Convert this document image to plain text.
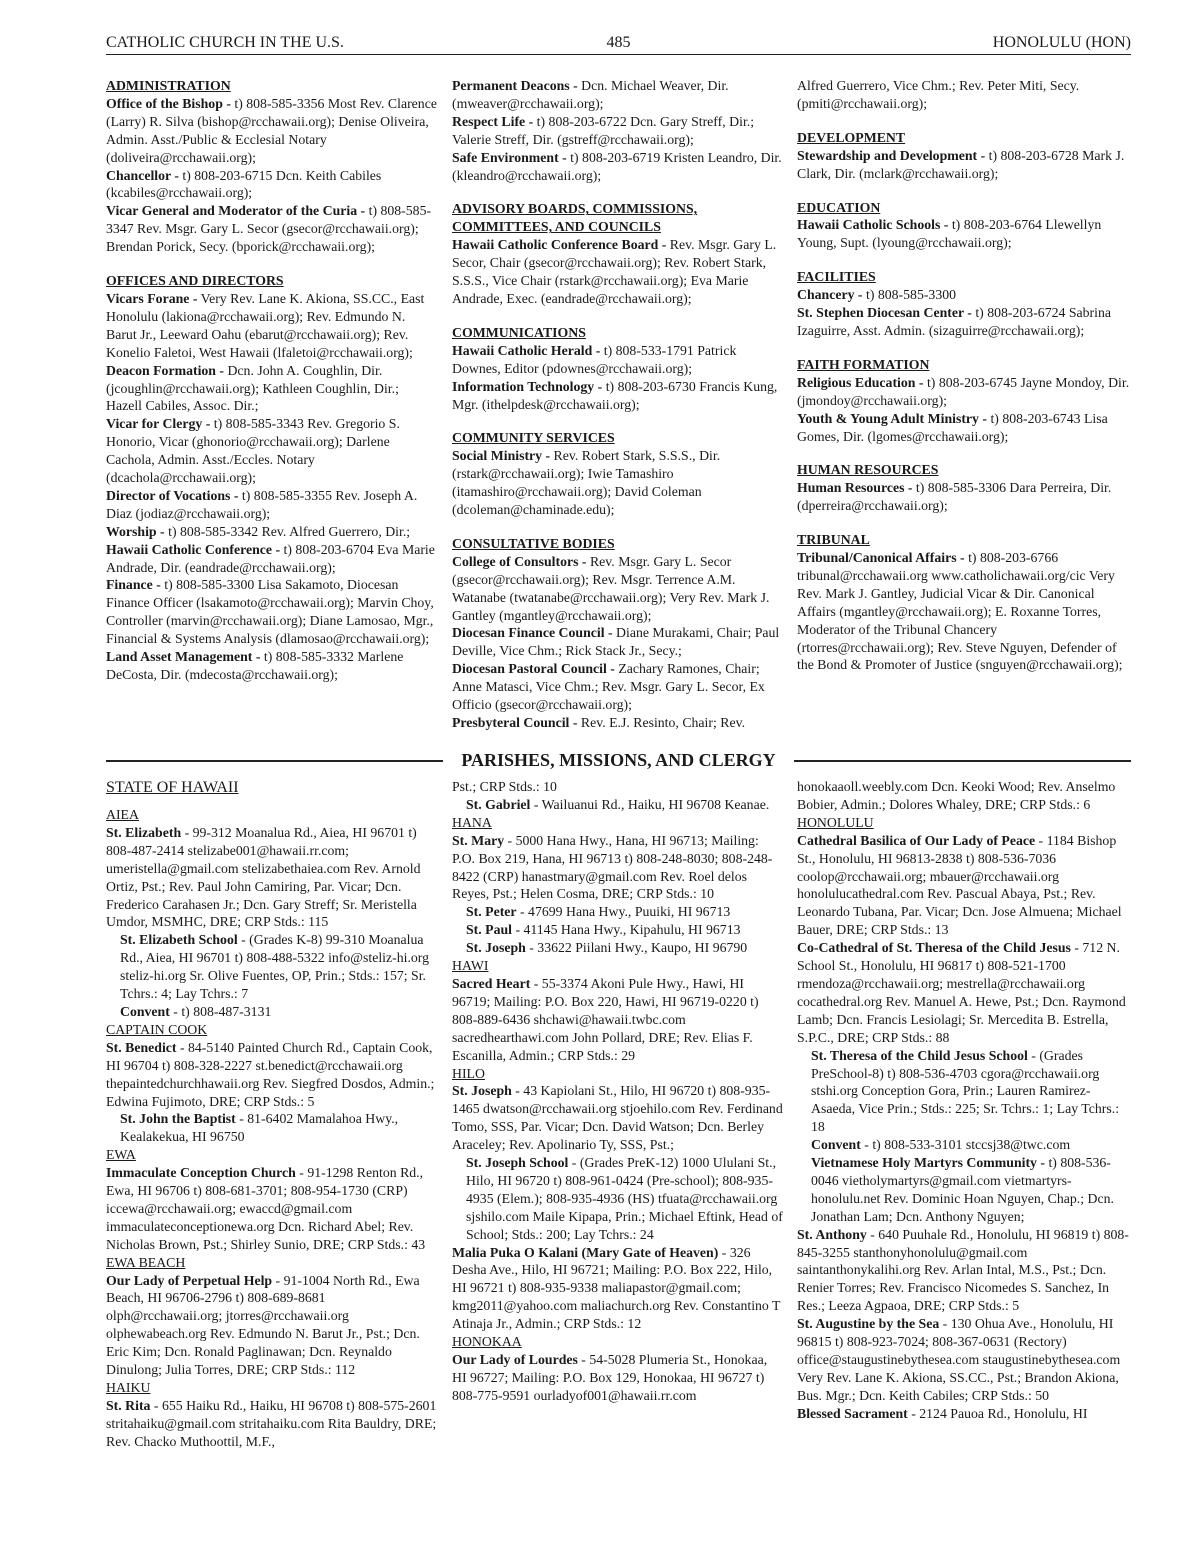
CATHOLIC CHURCH IN THE U.S.	485	HONOLULU (HON)
ADMINISTRATION
Office of the Bishop - t) 808-585-3356 Most Rev. Clarence (Larry) R. Silva (bishop@rcchawaii.org); Denise Oliveira, Admin. Asst./Public & Ecclesial Notary (doliveira@rcchawaii.org);
Chancellor - t) 808-203-6715 Dcn. Keith Cabiles (kcabiles@rcchawaii.org);
Vicar General and Moderator of the Curia - t) 808-585-3347 Rev. Msgr. Gary L. Secor (gsecor@rcchawaii.org); Brendan Porick, Secy. (bporick@rcchawaii.org);
OFFICES AND DIRECTORS
Vicars Forane - Very Rev. Lane K. Akiona, SS.CC., East Honolulu (lakiona@rcchawaii.org); Rev. Edmundo N. Barut Jr., Leeward Oahu (ebarut@rcchawaii.org); Rev. Konelio Faletoi, West Hawaii (lfaletoi@rcchawaii.org);
Deacon Formation - Dcn. John A. Coughlin, Dir. (jcoughlin@rcchawaii.org); Kathleen Coughlin, Dir.; Hazell Cabiles, Assoc. Dir.;
Vicar for Clergy - t) 808-585-3343 Rev. Gregorio S. Honorio, Vicar (ghonorio@rcchawaii.org); Darlene Cachola, Admin. Asst./Eccles. Notary (dcachola@rcchawaii.org);
Director of Vocations - t) 808-585-3355 Rev. Joseph A. Diaz (jodiaz@rcchawaii.org);
Worship - t) 808-585-3342 Rev. Alfred Guerrero, Dir.;
Hawaii Catholic Conference - t) 808-203-6704 Eva Marie Andrade, Dir. (eandrade@rcchawaii.org);
Finance - t) 808-585-3300 Lisa Sakamoto, Diocesan Finance Officer (lsakamoto@rcchawaii.org); Marvin Choy, Controller (marvin@rcchawaii.org); Diane Lamosao, Mgr., Financial & Systems Analysis (dlamosao@rcchawaii.org);
Land Asset Management - t) 808-585-3332 Marlene DeCosta, Dir. (mdecosta@rcchawaii.org);
Permanent Deacons - Dcn. Michael Weaver, Dir. (mweaver@rcchawaii.org);
Respect Life - t) 808-203-6722 Dcn. Gary Streff, Dir.; Valerie Streff, Dir. (gstreff@rcchawaii.org);
Safe Environment - t) 808-203-6719 Kristen Leandro, Dir. (kleandro@rcchawaii.org);
ADVISORY BOARDS, COMMISSIONS, COMMITTEES, AND COUNCILS
Hawaii Catholic Conference Board - Rev. Msgr. Gary L. Secor, Chair (gsecor@rcchawaii.org); Rev. Robert Stark, S.S.S., Vice Chair (rstark@rcchawaii.org); Eva Marie Andrade, Exec. (eandrade@rcchawaii.org);
COMMUNICATIONS
Hawaii Catholic Herald - t) 808-533-1791 Patrick Downes, Editor (pdownes@rcchawaii.org);
Information Technology - t) 808-203-6730 Francis Kung, Mgr. (ithelpdesk@rcchawaii.org);
COMMUNITY SERVICES
Social Ministry - Rev. Robert Stark, S.S.S., Dir. (rstark@rcchawaii.org); Iwie Tamashiro (itamashiro@rcchawaii.org); David Coleman (dcoleman@chaminade.edu);
CONSULTATIVE BODIES
College of Consultors - Rev. Msgr. Gary L. Secor (gsecor@rcchawaii.org); Rev. Msgr. Terrence A.M. Watanabe (twatanabe@rcchawaii.org); Very Rev. Mark J. Gantley (mgantley@rcchawaii.org);
Diocesan Finance Council - Diane Murakami, Chair; Paul Deville, Vice Chm.; Rick Stack Jr., Secy.;
Diocesan Pastoral Council - Zachary Ramones, Chair; Anne Matasci, Vice Chm.; Rev. Msgr. Gary L. Secor, Ex Officio (gsecor@rcchawaii.org);
Presbyteral Council - Rev. E.J. Resinto, Chair; Rev.
Alfred Guerrero, Vice Chm.; Rev. Peter Miti, Secy. (pmiti@rcchawaii.org);
DEVELOPMENT
Stewardship and Development - t) 808-203-6728 Mark J. Clark, Dir. (mclark@rcchawaii.org);
EDUCATION
Hawaii Catholic Schools - t) 808-203-6764 Llewellyn Young, Supt. (lyoung@rcchawaii.org);
FACILITIES
Chancery - t) 808-585-3300
St. Stephen Diocesan Center - t) 808-203-6724 Sabrina Izaguirre, Asst. Admin. (sizaguirre@rcchawaii.org);
FAITH FORMATION
Religious Education - t) 808-203-6745 Jayne Mondoy, Dir. (jmondoy@rcchawaii.org);
Youth & Young Adult Ministry - t) 808-203-6743 Lisa Gomes, Dir. (lgomes@rcchawaii.org);
HUMAN RESOURCES
Human Resources - t) 808-585-3306 Dara Perreira, Dir. (dperreira@rcchawaii.org);
TRIBUNAL
Tribunal/Canonical Affairs - t) 808-203-6766 tribunal@rcchawaii.org www.catholichawaii.org/cic Very Rev. Mark J. Gantley, Judicial Vicar & Dir. Canonical Affairs (mgantley@rcchawaii.org); E. Roxanne Torres, Moderator of the Tribunal Chancery (rtorres@rcchawaii.org); Rev. Steve Nguyen, Defender of the Bond & Promoter of Justice (snguyen@rcchawaii.org);
PARISHES, MISSIONS, AND CLERGY
STATE OF HAWAII
AIEA
St. Elizabeth - 99-312 Moanalua Rd., Aiea, HI 96701 t) 808-487-2414 stelizabe001@hawaii.rr.com; umeristella@gmail.com stelizabethaiea.com Rev. Arnold Ortiz, Pst.; Rev. Paul John Camiring, Par. Vicar; Dcn. Frederico Carahasen Jr.; Dcn. Gary Streff; Sr. Meristella Umdor, MSMHC, DRE; CRP Stds.: 115
St. Elizabeth School - (Grades K-8) 99-310 Moanalua Rd., Aiea, HI 96701 t) 808-488-5322 info@steliz-hi.org steliz-hi.org Sr. Olive Fuentes, OP, Prin.; Stds.: 157; Sr. Tchrs.: 4; Lay Tchrs.: 7
Convent - t) 808-487-3131
CAPTAIN COOK
St. Benedict - 84-5140 Painted Church Rd., Captain Cook, HI 96704 t) 808-328-2227 st.benedict@rcchawaii.org thepaintedchurchhawaii.org Rev. Siegfred Dosdos, Admin.; Edwina Fujimoto, DRE; CRP Stds.: 5
St. John the Baptist - 81-6402 Mamalahoa Hwy., Kealakekua, HI 96750
EWA
Immaculate Conception Church - 91-1298 Renton Rd., Ewa, HI 96706 t) 808-681-3701; 808-954-1730 (CRP) iccewa@rcchawaii.org; ewaccd@gmail.com immaculateconceptionewa.org Dcn. Richard Abel; Rev. Nicholas Brown, Pst.; Shirley Sunio, DRE; CRP Stds.: 43
EWA BEACH
Our Lady of Perpetual Help - 91-1004 North Rd., Ewa Beach, HI 96706-2796 t) 808-689-8681 olph@rcchawaii.org; jtorres@rcchawaii.org olphewabeach.org Rev. Edmundo N. Barut Jr., Pst.; Dcn. Eric Kim; Dcn. Ronald Paglinawan; Dcn. Reynaldo Dinulong; Julia Torres, DRE; CRP Stds.: 112
HAIKU
St. Rita - 655 Haiku Rd., Haiku, HI 96708 t) 808-575-2601 stritahaiku@gmail.com stritahaiku.com Rita Bauldry, DRE; Rev. Chacko Muthoottil, M.F.,
Pst.; CRP Stds.: 10
St. Gabriel - Wailuanui Rd., Haiku, HI 96708 Keanae.
HANA
St. Mary - 5000 Hana Hwy., Hana, HI 96713; Mailing: P.O. Box 219, Hana, HI 96713 t) 808-248-8030; 808-248-8422 (CRP) hanastmary@gmail.com Rev. Roel delos Reyes, Pst.; Helen Cosma, DRE; CRP Stds.: 10
St. Peter - 47699 Hana Hwy., Puuiki, HI 96713
St. Paul - 41145 Hana Hwy., Kipahulu, HI 96713
St. Joseph - 33622 Piilani Hwy., Kaupo, HI 96790
HAWI
Sacred Heart - 55-3374 Akoni Pule Hwy., Hawi, HI 96719; Mailing: P.O. Box 220, Hawi, HI 96719-0220 t) 808-889-6436 shchawi@hawaii.twbc.com sacredhearthawi.com John Pollard, DRE; Rev. Elias F. Escanilla, Admin.; CRP Stds.: 29
HILO
St. Joseph - 43 Kapiolani St., Hilo, HI 96720 t) 808-935-1465 dwatson@rcchawaii.org stjoehilo.com Rev. Ferdinand Tomo, SSS, Par. Vicar; Dcn. David Watson; Dcn. Berley Araceley; Rev. Apolinario Ty, SSS, Pst.;
St. Joseph School - (Grades PreK-12) 1000 Ululani St., Hilo, HI 96720 t) 808-961-0424 (Pre-school); 808-935-4935 (Elem.); 808-935-4936 (HS) tfuata@rcchawaii.org sjshilo.com Maile Kipapa, Prin.; Michael Eftink, Head of School; Stds.: 200; Lay Tchrs.: 24
Malia Puka O Kalani (Mary Gate of Heaven) - 326 Desha Ave., Hilo, HI 96721; Mailing: P.O. Box 222, Hilo, HI 96721 t) 808-935-9338 maliapastor@gmail.com; kmg2011@yahoo.com maliachurch.org Rev. Constantino T Atinaja Jr., Admin.; CRP Stds.: 12
HONOKAA
Our Lady of Lourdes - 54-5028 Plumeria St., Honokaa, HI 96727; Mailing: P.O. Box 129, Honokaa, HI 96727 t) 808-775-9591 ourladyof001@hawaii.rr.com
honokaaoll.weebly.com Dcn. Keoki Wood; Rev. Anselmo Bobier, Admin.; Dolores Whaley, DRE; CRP Stds.: 6
HONOLULU
Cathedral Basilica of Our Lady of Peace - 1184 Bishop St., Honolulu, HI 96813-2838 t) 808-536-7036 coolop@rcchawaii.org; mbauer@rcchawaii.org honolulucathedral.com Rev. Pascual Abaya, Pst.; Rev. Leonardo Tubana, Par. Vicar; Dcn. Jose Almuena; Michael Bauer, DRE; CRP Stds.: 13
Co-Cathedral of St. Theresa of the Child Jesus - 712 N. School St., Honolulu, HI 96817 t) 808-521-1700 rmendoza@rcchawaii.org; mestrella@rcchawaii.org cocathedral.org Rev. Manuel A. Hewe, Pst.; Dcn. Raymond Lamb; Dcn. Francis Lesiolagi; Sr. Mercedita B. Estrella, S.P.C., DRE; CRP Stds.: 88
St. Theresa of the Child Jesus School - (Grades PreSchool-8) t) 808-536-4703 cgora@rcchawaii.org stshi.org Conception Gora, Prin.; Lauren Ramirez-Asaeda, Vice Prin.; Stds.: 225; Sr. Tchrs.: 1; Lay Tchrs.: 18
Convent - t) 808-533-3101 stccsj38@twc.com
Vietnamese Holy Martyrs Community - t) 808-536-0046 vietholymartyrs@gmail.com vietmartyrs-honolulu.net Rev. Dominic Hoan Nguyen, Chap.; Dcn. Jonathan Lam; Dcn. Anthony Nguyen;
St. Anthony - 640 Puuhale Rd., Honolulu, HI 96819 t) 808-845-3255 stanthonyhonolulu@gmail.com saintanthonykalihi.org Rev. Arlan Intal, M.S., Pst.; Dcn. Renier Torres; Rev. Francisco Nicomedes S. Sanchez, In Res.; Leeza Agpaoa, DRE; CRP Stds.: 5
St. Augustine by the Sea - 130 Ohua Ave., Honolulu, HI 96815 t) 808-923-7024; 808-367-0631 (Rectory) office@staugustinebythesea.com staugustinebythesea.com Very Rev. Lane K. Akiona, SS.CC., Pst.; Brandon Akiona, Bus. Mgr.; Dcn. Keith Cabiles; CRP Stds.: 50
Blessed Sacrament - 2124 Pauoa Rd., Honolulu, HI
